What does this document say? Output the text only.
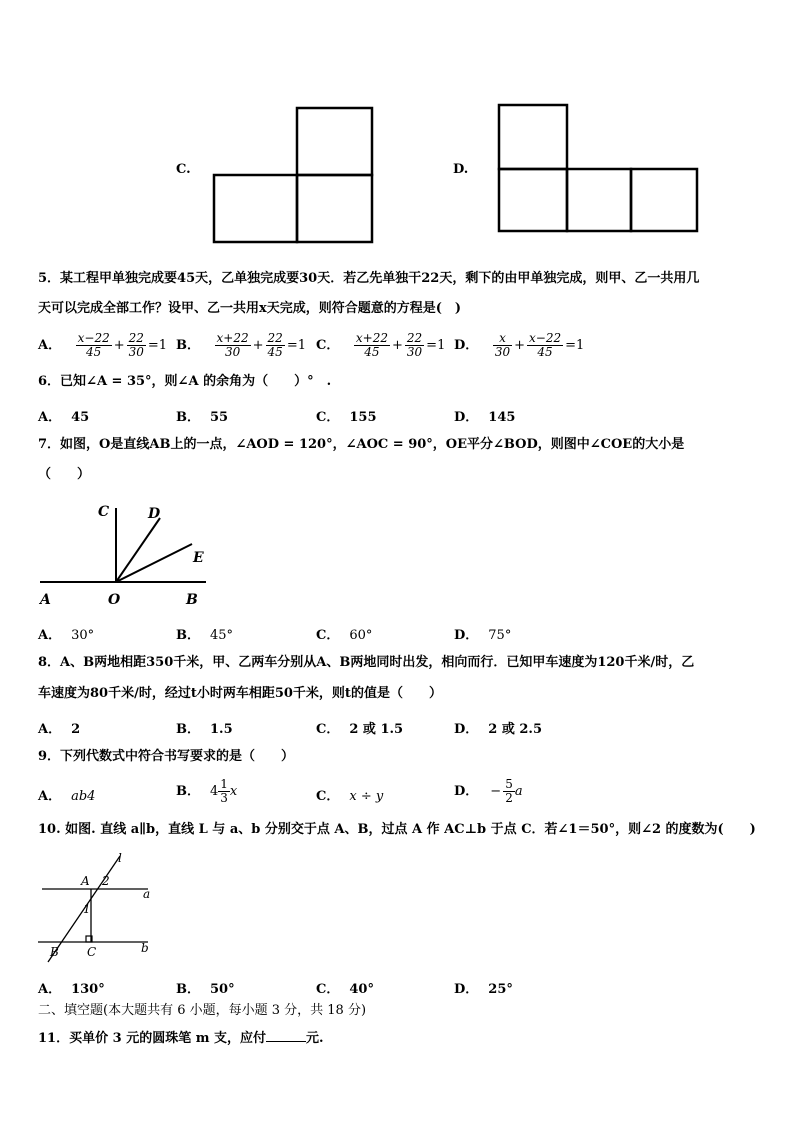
C.	D.
5．某工程甲单独完成要45天，乙单独完成要30天．若乙先单独干22天，剩下的由甲单独完成，则甲、乙一共用几
天可以完成全部工作？设甲、乙一共用x天完成，则符合题意的方程是(　)
A． $\frac{x-22}{45} + \frac{22}{30} =1$ B． $\frac{x+22}{30} + \frac{22}{45} =1$ C． $\frac{x+22}{45} + \frac{22}{30} =1$ D． $\frac{x}{30} + \frac{x-22}{45} =1$
6．已知∠A = 35°，则∠A 的余角为（　　）°　.
A． 45	B． 55	C． 155	D． 145
7．如图，O是直线AB上的一点，∠AOD = 120°，∠AOC = 90°，OE平分∠BOD，则图中∠COE的大小是
（　　）
C	D
E
A	O	B
A． 30°	B． 45°	C． 60°	D． 75°
8．A、B两地相距350千米，甲、乙两车分别从A、B两地同时出发，相向而行．已知甲车速度为120千米/时，乙
车速度为80千米/时，经过t小时两车相距50千米，则t的值是（　　）
A． 2	B． 1.5	C． 2 或 1.5	D． 2 或 2.5
9．下列代数式中符合书写要求的是（　　）
A． ab4	B． $4 \frac{1}{3}$ x	C． x ÷ y	D． − $\frac{5}{2}$ a
10. 如图. 直线 a∥b，直线 L 与 a、b 分别交于点 A、B，过点 A 作 AC⊥b 于点 C．若∠1＝50°，则∠2 的度数为(　　)
l
A 2
a
1
B C	b
A． 130°	B． 50°	C． 40°	D． 25°
二、填空题(本大题共有 6 小题，每小题 3 分，共 18 分)
11．买单价 3 元的圆珠笔 m 支，应付	元.
